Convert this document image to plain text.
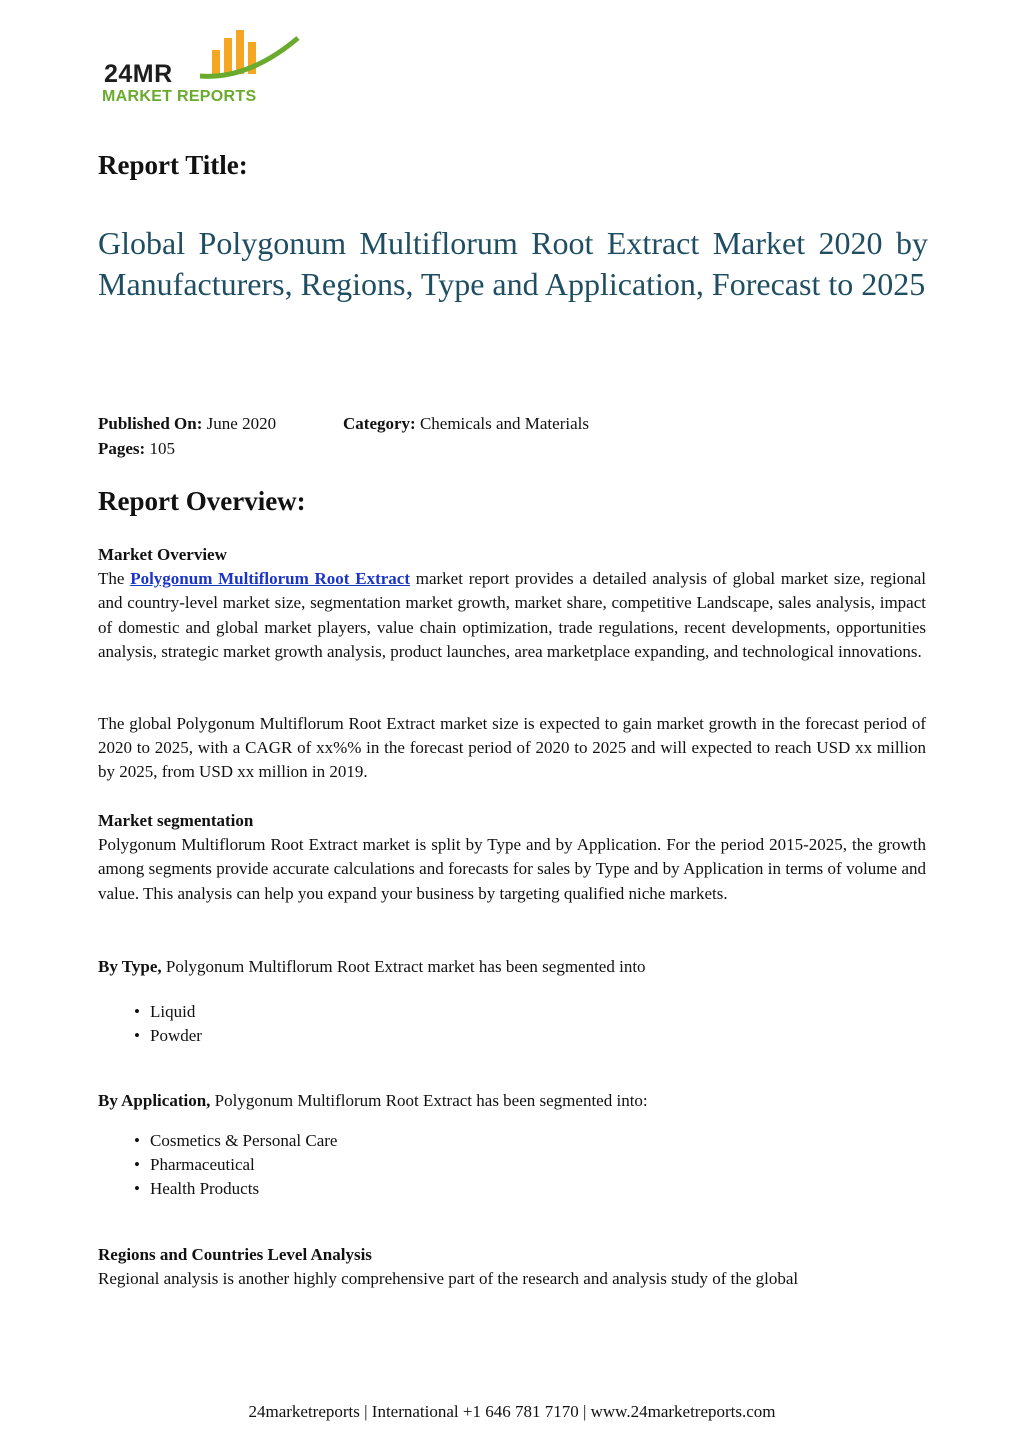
24MR
MARKET REPORTS
Report Title:
Global Polygonum Multiflorum Root Extract Market 2020 by Manufacturers, Regions, Type and Application, Forecast to 2025
Published On: June 2020	Category: Chemicals and Materials
Pages: 105
Report Overview:

Market Overview

The Polygonum Multiflorum Root Extract market report provides a detailed analysis of global market size, regional and country-level market size, segmentation market growth, market share, competitive Landscape, sales analysis, impact of domestic and global market players, value chain optimization, trade regulations, recent developments, opportunities analysis, strategic market growth analysis, product launches, area marketplace expanding, and technological innovations.

The global Polygonum Multiflorum Root Extract market size is expected to gain market growth in the forecast period of 2020 to 2025, with a CAGR of xx%% in the forecast period of 2020 to 2025 and will expected to reach USD xx million by 2025, from USD xx million in 2019.

Market segmentation

Polygonum Multiflorum Root Extract market is split by Type and by Application. For the period 2015-2025, the growth among segments provide accurate calculations and forecasts for sales by Type and by Application in terms of volume and value. This analysis can help you expand your business by targeting qualified niche markets.

By Type, Polygonum Multiflorum Root Extract market has been segmented into

• Liquid
• Powder

By Application, Polygonum Multiflorum Root Extract has been segmented into:

• Cosmetics & Personal Care
• Pharmaceutical
• Health Products

Regions and Countries Level Analysis

Regional analysis is another highly comprehensive part of the research and analysis study of the global

24marketreports | International +1 646 781 7170 | www.24marketreports.com
